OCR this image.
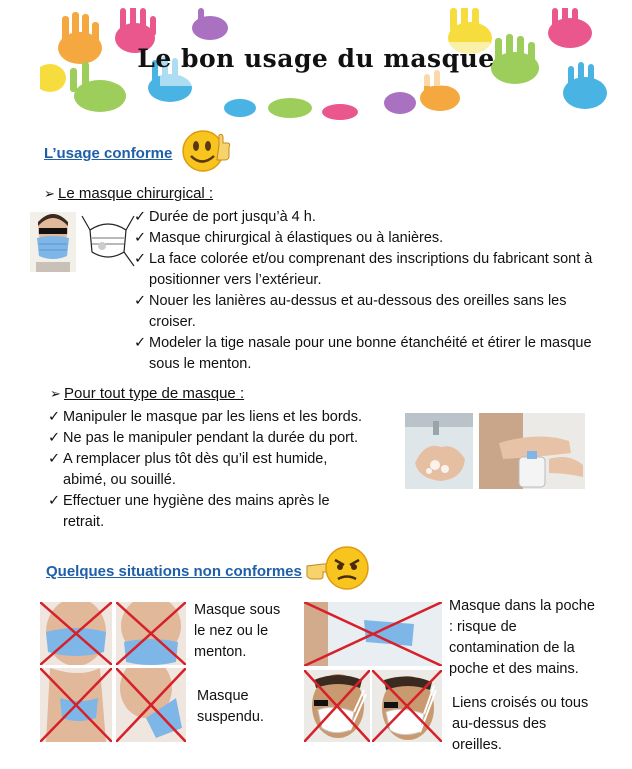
Le bon usage du masque
L’usage conforme
➢ Le masque chirurgical :
✓ Durée de port jusqu’à 4 h.
✓ Masque chirurgical à élastiques ou à lanières.
✓ La face colorée et/ou comprenant des inscriptions du fabricant sont à positionner vers l’extérieur.
✓ Nouer les lanières au-dessus et au-dessous des oreilles sans les croiser.
✓ Modeler la tige nasale pour une bonne étanchéité et étirer le masque sous le menton.
➢ Pour tout type de masque :
✓ Manipuler le masque par les liens et les bords.
✓ Ne pas le manipuler pendant la durée du port.
✓ A remplacer plus tôt dès qu’il est humide, abimé, ou souillé.
✓ Effectuer une hygiène des mains après le retrait.
Quelques situations non conformes
Masque sous le nez ou le menton.
Masque suspendu.
Masque dans la poche : risque de contamination de la poche et des mains.
Liens croisés ou tous au-dessus des oreilles.
